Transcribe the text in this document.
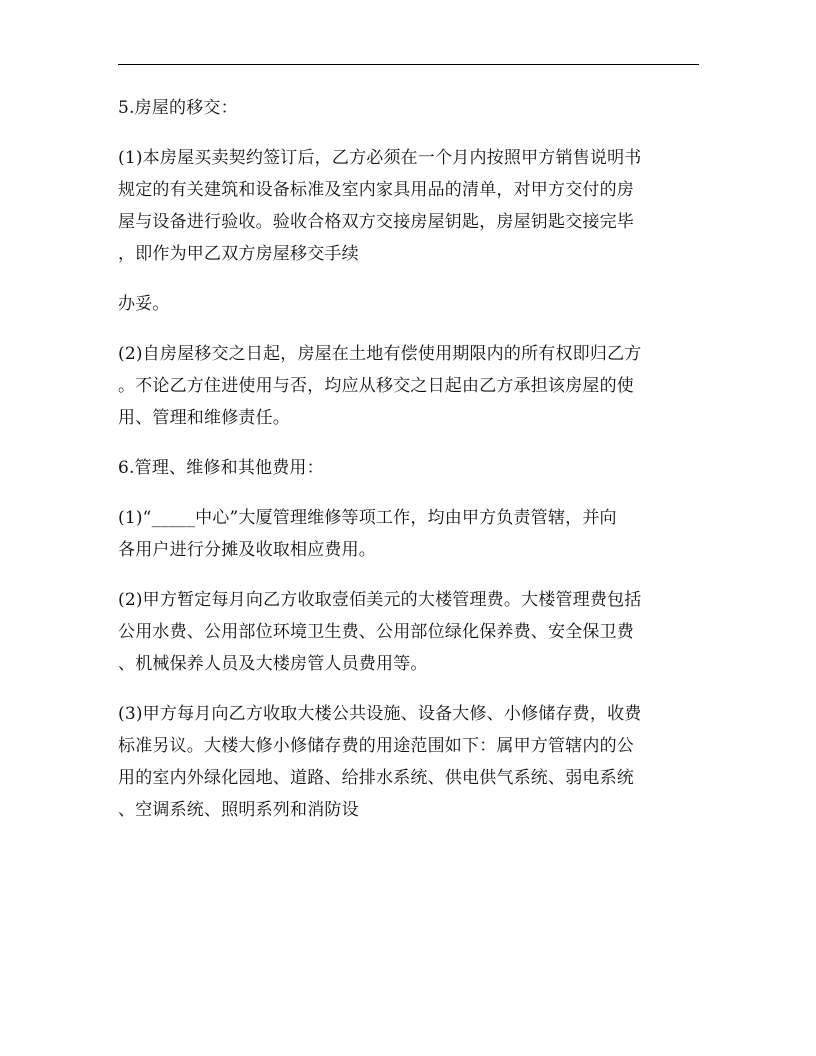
5.房屋的移交：

(1)本房屋买卖契约签订后，乙方必须在一个月内按照甲方销售说明书
规定的有关建筑和设备标准及室内家具用品的清单，对甲方交付的房
屋与设备进行验收。验收合格双方交接房屋钥匙，房屋钥匙交接完毕
，即作为甲乙双方房屋移交手续

办妥。

(2)自房屋移交之日起，房屋在土地有偿使用期限内的所有权即归乙方
。不论乙方住进使用与否，均应从移交之日起由乙方承担该房屋的使
用、管理和维修责任。

6.管理、维修和其他费用：

(1)“_____中心”大厦管理维修等项工作，均由甲方负责管辖，并向
各用户进行分摊及收取相应费用。

(2)甲方暂定每月向乙方收取壹佰美元的大楼管理费。大楼管理费包括
公用水费、公用部位环境卫生费、公用部位绿化保养费、安全保卫费
、机械保养人员及大楼房管人员费用等。

(3)甲方每月向乙方收取大楼公共设施、设备大修、小修储存费，收费
标准另议。大楼大修小修储存费的用途范围如下：属甲方管辖内的公
用的室内外绿化园地、道路、给排水系统、供电供气系统、弱电系统
、空调系统、照明系列和消防设
